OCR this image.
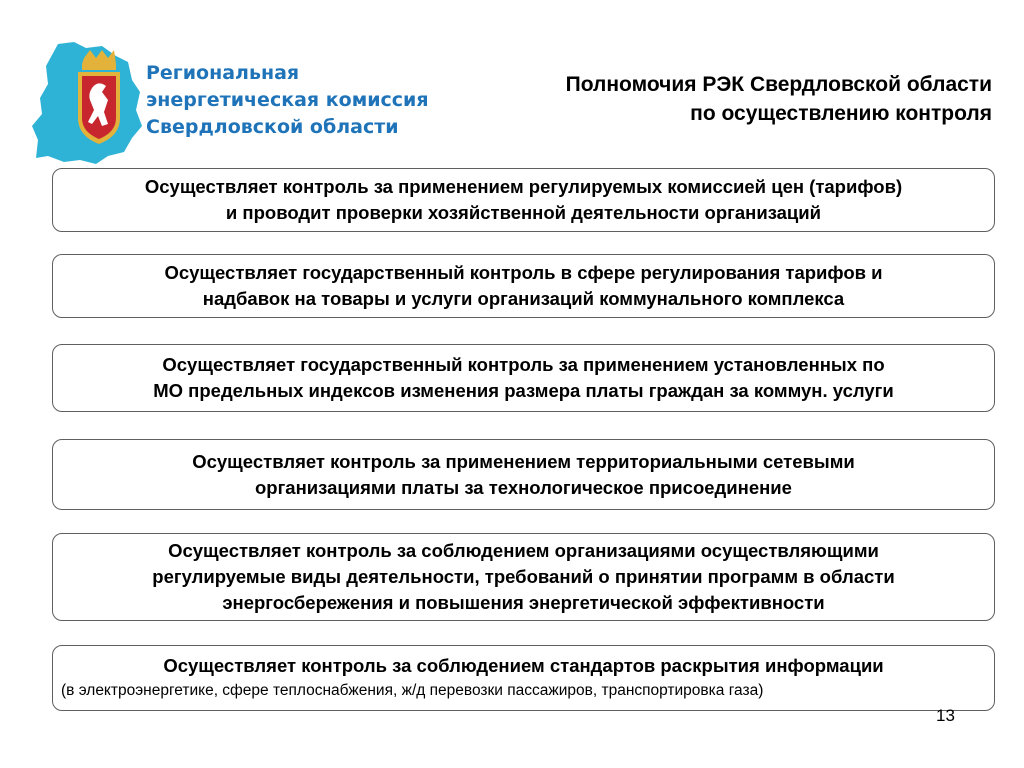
Региональная
энергетическая комиссия
Свердловской области
Полномочия РЭК Свердловской области
по осуществлению контроля
Осуществляет контроль за применением регулируемых комиссией цен (тарифов)
и проводит проверки хозяйственной деятельности организаций
Осуществляет государственный контроль в сфере регулирования тарифов и
надбавок на товары и услуги организаций коммунального комплекса
Осуществляет государственный контроль за применением установленных по
МО предельных индексов изменения размера платы граждан за коммун. услуги
Осуществляет контроль за применением территориальными сетевыми
организациями платы за технологическое присоединение
Осуществляет контроль за соблюдением организациями осуществляющими
регулируемые виды деятельности, требований о принятии программ в области
энергосбережения и повышения энергетической эффективности
Осуществляет контроль за соблюдением стандартов раскрытия информации
(в электроэнергетике, сфере теплоснабжения, ж/д перевозки пассажиров, транспортировка газа)
13
